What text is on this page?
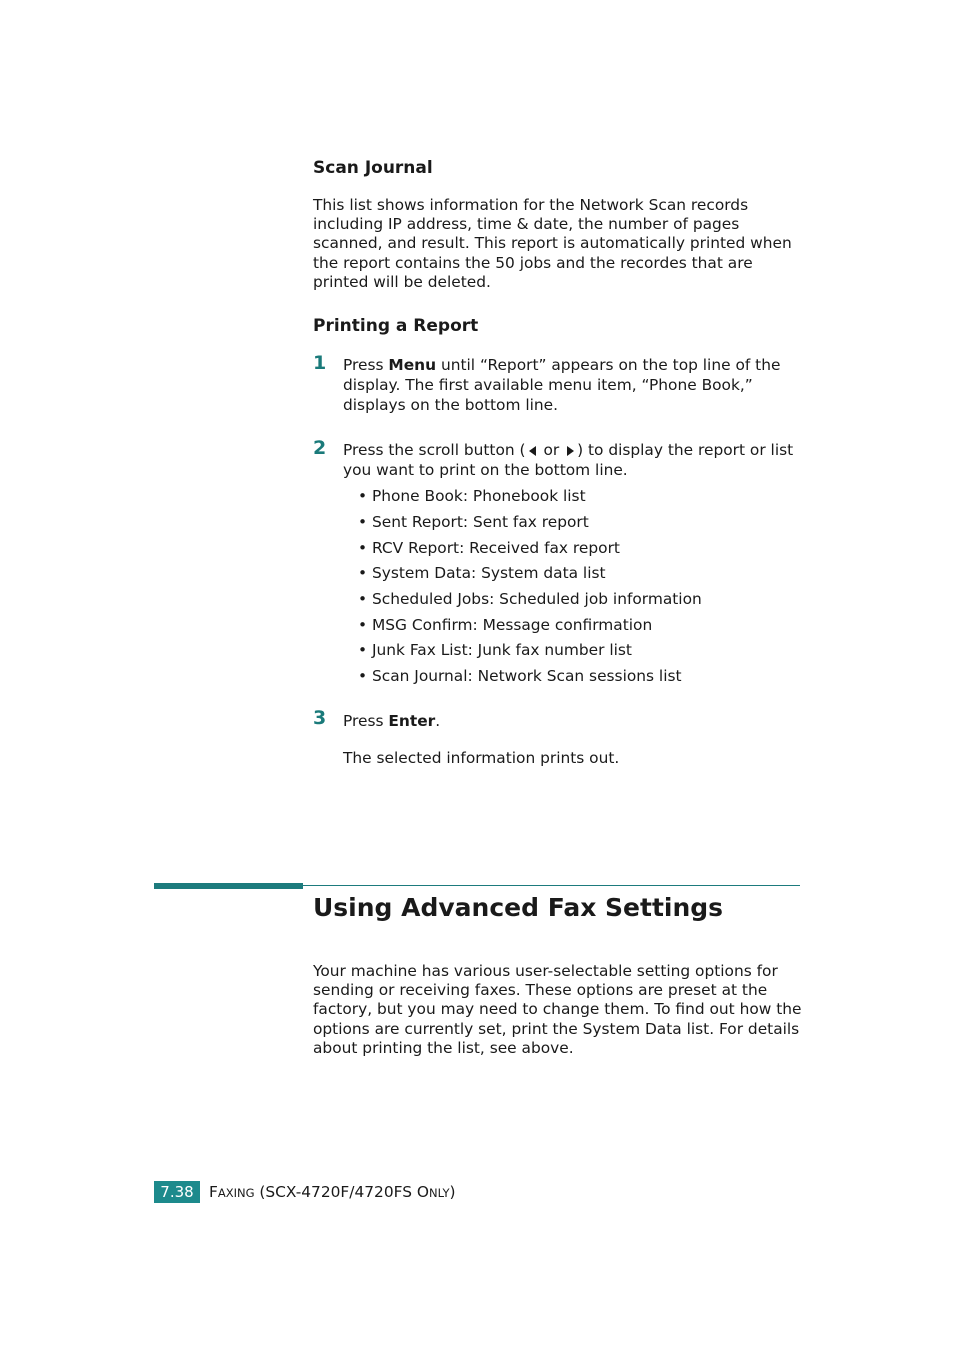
Scan Journal
This list shows information for the Network Scan records including IP address, time & date, the number of pages scanned, and result. This report is automatically printed when the report contains the 50 jobs and the recordes that are printed will be deleted.
Printing a Report
1 Press Menu until “Report” appears on the top line of the display. The first available menu item, “Phone Book,” displays on the bottom line.
2 Press the scroll button ( or ) to display the report or list you want to print on the bottom line.
• Phone Book: Phonebook list
• Sent Report: Sent fax report
• RCV Report: Received fax report
• System Data: System data list
• Scheduled Jobs: Scheduled job information
• MSG Confirm: Message confirmation
• Junk Fax List: Junk fax number list
• Scan Journal: Network Scan sessions list
3 Press Enter.
The selected information prints out.
Using Advanced Fax Settings
Your machine has various user-selectable setting options for sending or receiving faxes. These options are preset at the factory, but you may need to change them. To find out how the options are currently set, print the System Data list. For details about printing the list, see above.
7.38 FAXING (SCX-4720F/4720FS ONLY)
